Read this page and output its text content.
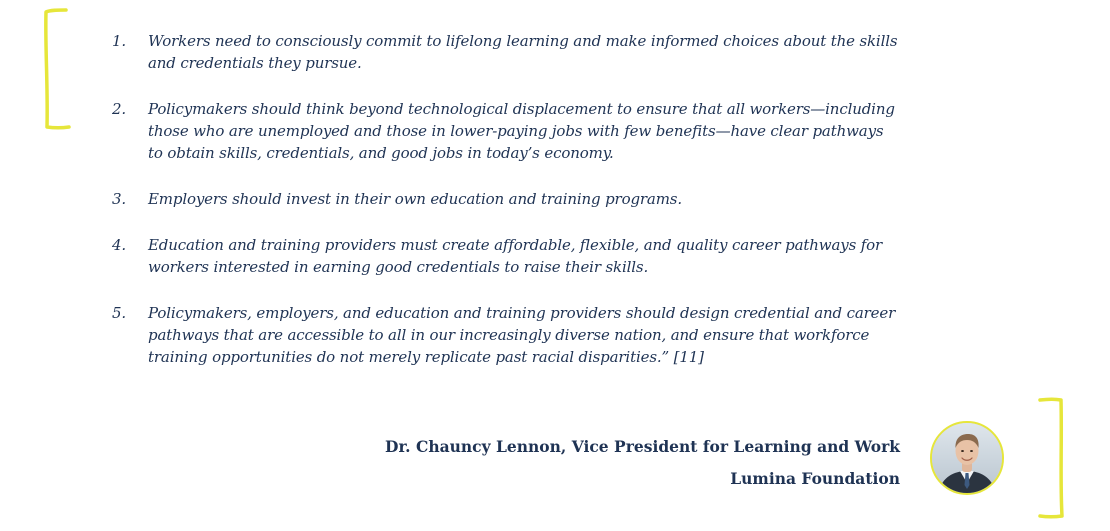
1.	Workers need to consciously commit to lifelong learning and make informed choices about the skills and credentials they pursue.
2.	Policymakers should think beyond technological displacement to ensure that all workers—including those who are unemployed and those in lower-paying jobs with few benefits—have clear pathways to obtain skills, credentials, and good jobs in today’s economy.
3.	Employers should invest in their own education and training programs.
4.	Education and training providers must create affordable, flexible, and quality career pathways for workers interested in earning good credentials to raise their skills.
5.	Policymakers, employers, and education and training providers should design credential and career pathways that are accessible to all in our increasingly diverse nation, and ensure that workforce training opportunities do not merely replicate past racial disparities.” [11]
Dr. Chauncy Lennon, Vice President for Learning and Work
Lumina Foundation
